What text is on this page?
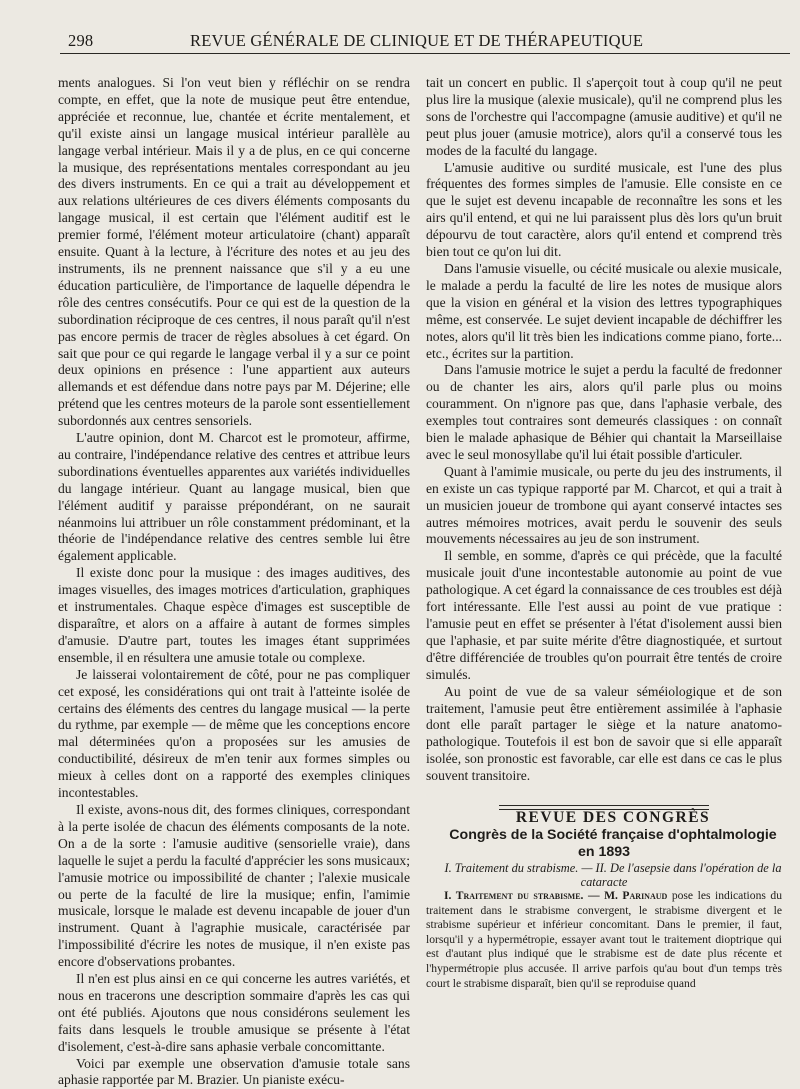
298	REVUE GÉNÉRALE DE CLINIQUE ET DE THÉRAPEUTIQUE

ments analogues. Si l'on veut bien y réfléchir on se rendra compte, en effet, que la note de musique peut être entendue, appréciée et reconnue, lue, chantée et écrite mentalement, et qu'il existe ainsi un langage musical intérieur parallèle au langage verbal intérieur. Mais il y a de plus, en ce qui concerne la musique, des représentations mentales correspondant au jeu des divers instruments. En ce qui a trait au développement et aux relations ultérieures de ces divers éléments composants du langage musical, il est certain que l'élément auditif est le premier formé, l'élément moteur articulatoire (chant) apparaît ensuite. Quant à la lecture, à l'écriture des notes et au jeu des instruments, ils ne prennent naissance que s'il y a eu une éducation particulière, de l'importance de laquelle dépendra le rôle des centres consécutifs. Pour ce qui est de la question de la subordination réciproque de ces centres, il nous paraît qu'il n'est pas encore permis de tracer de règles absolues à cet égard. On sait que pour ce qui regarde le langage verbal il y a sur ce point deux opinions en présence : l'une appartient aux auteurs allemands et est défendue dans notre pays par M. Déjerine; elle prétend que les centres moteurs de la parole sont essentiellement subordonnés aux centres sensoriels.

L'autre opinion, dont M. Charcot est le promoteur, affirme, au contraire, l'indépendance relative des centres et attribue leurs subordinations éventuelles apparentes aux variétés individuelles du langage intérieur. Quant au langage musical, bien que l'élément auditif y paraisse prépondérant, on ne saurait néanmoins lui attribuer un rôle constamment prédominant, et la théorie de l'indépendance relative des centres semble lui être également applicable.

Il existe donc pour la musique : des images auditives, des images visuelles, des images motrices d'articulation, graphiques et instrumentales. Chaque espèce d'images est susceptible de disparaître, et alors on a affaire à autant de formes simples d'amusie. D'autre part, toutes les images étant supprimées ensemble, il en résultera une amusie totale ou complexe.

Je laisserai volontairement de côté, pour ne pas compliquer cet exposé, les considérations qui ont trait à l'atteinte isolée de certains des éléments des centres du langage musical — la perte du rythme, par exemple — de même que les conceptions encore mal déterminées qu'on a proposées sur les amusies de conductibilité, désireux de m'en tenir aux formes simples ou mieux à celles dont on a rapporté des exemples cliniques incontestables.

Il existe, avons-nous dit, des formes cliniques, correspondant à la perte isolée de chacun des éléments composants de la note. On a de la sorte : l'amusie auditive (sensorielle vraie), dans laquelle le sujet a perdu la faculté d'apprécier les sons musicaux; l'amusie motrice ou impossibilité de chanter ; l'alexie musicale ou perte de la faculté de lire la musique; enfin, l'amimie musicale, lorsque le malade est devenu incapable de jouer d'un instrument. Quant à l'agraphie musicale, caractérisée par l'impossibilité d'écrire les notes de musique, il n'en existe pas encore d'observations probantes.

Il n'en est plus ainsi en ce qui concerne les autres variétés, et nous en tracerons une description sommaire d'après les cas qui ont été publiés. Ajoutons que nous considérons seulement les faits dans lesquels le trouble amusique se présente à l'état d'isolement, c'est-à-dire sans aphasie verbale concomittante.

Voici par exemple une observation d'amusie totale sans aphasie rapportée par M. Brazier. Un pianiste exécu-

tait un concert en public. Il s'aperçoit tout à coup qu'il ne peut plus lire la musique (alexie musicale), qu'il ne comprend plus les sons de l'orchestre qui l'accompagne (amusie auditive) et qu'il ne peut plus jouer (amusie motrice), alors qu'il a conservé tous les modes de la faculté du langage.

L'amusie auditive ou surdité musicale, est l'une des plus fréquentes des formes simples de l'amusie. Elle consiste en ce que le sujet est devenu incapable de reconnaître les sons et les airs qu'il entend, et qui ne lui paraissent plus dès lors qu'un bruit dépourvu de tout caractère, alors qu'il entend et comprend très bien tout ce qu'on lui dit.

Dans l'amusie visuelle, ou cécité musicale ou alexie musicale, le malade a perdu la faculté de lire les notes de musique alors que la vision en général et la vision des lettres typographiques même, est conservée. Le sujet devient incapable de déchiffrer les notes, alors qu'il lit très bien les indications comme piano, forte... etc., écrites sur la partition.

Dans l'amusie motrice le sujet a perdu la faculté de fredonner ou de chanter les airs, alors qu'il parle plus ou moins couramment. On n'ignore pas que, dans l'aphasie verbale, des exemples tout contraires sont demeurés classiques : on connaît bien le malade aphasique de Béhier qui chantait la Marseillaise avec le seul monosyllabe qu'il lui était possible d'articuler.

Quant à l'amimie musicale, ou perte du jeu des instruments, il en existe un cas typique rapporté par M. Charcot, et qui a trait à un musicien joueur de trombone qui ayant conservé intactes ses autres mémoires motrices, avait perdu le souvenir des seuls mouvements nécessaires au jeu de son instrument.

Il semble, en somme, d'après ce qui précède, que la faculté musicale jouit d'une incontestable autonomie au point de vue pathologique. A cet égard la connaissance de ces troubles est déjà fort intéressante. Elle l'est aussi au point de vue pratique : l'amusie peut en effet se présenter à l'état d'isolement aussi bien que l'aphasie, et par suite mérite d'être diagnostiquée, et surtout d'être différenciée de troubles qu'on pourrait être tentés de croire simulés.

Au point de vue de sa valeur séméiologique et de son traitement, l'amusie peut être entièrement assimilée à l'aphasie dont elle paraît partager le siège et la nature anatomo-pathologique. Toutefois il est bon de savoir que si elle apparaît isolée, son pronostic est favorable, car elle est dans ce cas le plus souvent transitoire.

REVUE DES CONGRÈS

Congrès de la Société française d'ophtalmologie en 1893

I. Traitement du strabisme. — II. De l'asepsie dans l'opération de la cataracte

I. Traitement du strabisme. — M. Parinaud pose les indications du traitement dans le strabisme convergent, le strabisme divergent et le strabisme supérieur et inférieur concomitant. Dans le premier, il faut, lorsqu'il y a hypermétropie, essayer avant tout le traitement dioptrique qui est d'autant plus indiqué que le strabisme est de date plus récente et l'hypermétropie plus accusée. Il arrive parfois qu'au bout d'un temps très court le strabisme disparaît, bien qu'il se reproduise quand
